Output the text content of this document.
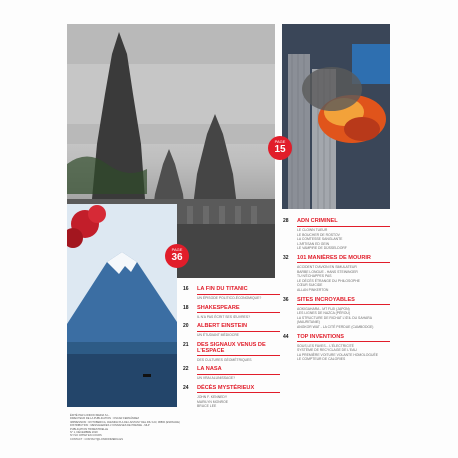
PAGE
15
PAGE
36
16 LA FIN DU TITANIC
UN ÉPISODE POLITICO-ÉCONOMIQUE?
18 SHAKESPEARE
IL N'A PAS ÉCRIT SES ŒUVRES?
20 ALBERT EINSTEIN
UN ÉTUDIANT MÉDIOCRE
21 DES SIGNAUX VENUS DE L'ESPACE
DES CULTURES GÉOMÉTRIQUES
22 LA NASA
UN VRAI ALUNISSAGE?
24 DÉCÈS MYSTÉRIEUX
JOHN F. KENNEDY
MARILYN MONROE
BRUCE LEE
28 ADN CRIMINEL
LE CLOWN TUEUR
LE BOUCHER DE ROSTOV
LA COMTESSE SANGLANTE
L'ARTISAN ED GEIN
LE VAMPIRE DE DÜSSELDORF
32 101 MANIÈRES DE MOURIR
ACCIDENT D'AVION EN SIMULATEUR
BARBE LONGUE - HANS STEININGER
TU N'ÉCHAPPES PAS
LE DÉCÈS ÉTRANGE DU PHILOSOPHE
CŒUR SUICIDE
ALLAN PINKERTON
36 SITES INCROYABLES
AOKIGAHARA - MT FUJI (JAPON)
LES LIGNES DE NAZCA (PÉROU)
LA STRUCTURE DE RICHAT L'ŒIL DU SAHARA (MAURITANIE)
ANGKOR WAT - LA CITÉ PERDUE (CAMBODGE)
44 TOP INVENTIONS
SOUS LES FAVES... L'ÉLECTRICITÉ
SYSTÈME DE RECYCLAGE DE L'EAU
LA PREMIÈRE VOITURE VOLANTE HOMOLOGUÉE
LE COMPTEUR DE CALORIES
ÉDITÉ PAR LONDON MEDIA S.L.
DIRECTEUR DE LA PUBLICATION : OSCAR FERNÁNDEZ
IMPRESSION : ROTOBERICA, AVENIDA PLA DE L'ESTANY DEL RIU 123, 08800 (ESPAGNE)
DISTRIBUTION : MESSAGERIES LYONNAISES DE PRESSE - MLP
PUBLICATION TRIMESTRIELLE
N° 1, DÉCEMBRE 2020
Nº ISO CPPAP EN COURS
CONTACT : CONTACT@LONDONMEDIA.ES
